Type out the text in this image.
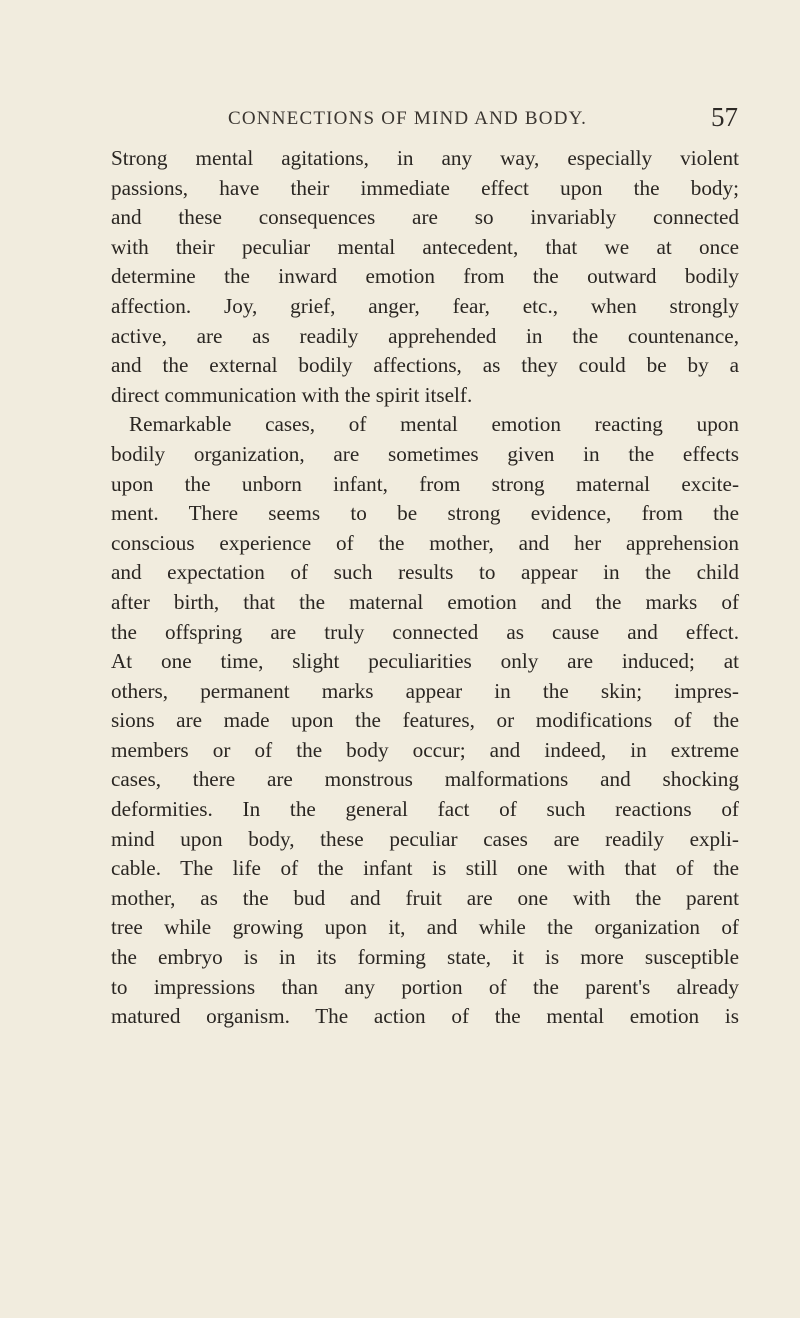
CONNECTIONS OF MIND AND BODY.	57
Strong mental agitations, in any way, especially violent
passions, have their immediate effect upon the body;
and these consequences are so invariably connected
with their peculiar mental antecedent, that we at once
determine the inward emotion from the outward bodily
affection. Joy, grief, anger, fear, etc., when strongly
active, are as readily apprehended in the countenance,
and the external bodily affections, as they could be by a
direct communication with the spirit itself.
Remarkable cases, of mental emotion reacting upon
bodily organization, are sometimes given in the effects
upon the unborn infant, from strong maternal excite-
ment. There seems to be strong evidence, from the
conscious experience of the mother, and her apprehension
and expectation of such results to appear in the child
after birth, that the maternal emotion and the marks of
the offspring are truly connected as cause and effect.
At one time, slight peculiarities only are induced; at
others, permanent marks appear in the skin; impres-
sions are made upon the features, or modifications of the
members or of the body occur; and indeed, in extreme
cases, there are monstrous malformations and shocking
deformities. In the general fact of such reactions of
mind upon body, these peculiar cases are readily expli-
cable. The life of the infant is still one with that of the
mother, as the bud and fruit are one with the parent
tree while growing upon it, and while the organization of
the embryo is in its forming state, it is more susceptible
to impressions than any portion of the parent's already
matured organism. The action of the mental emotion is
